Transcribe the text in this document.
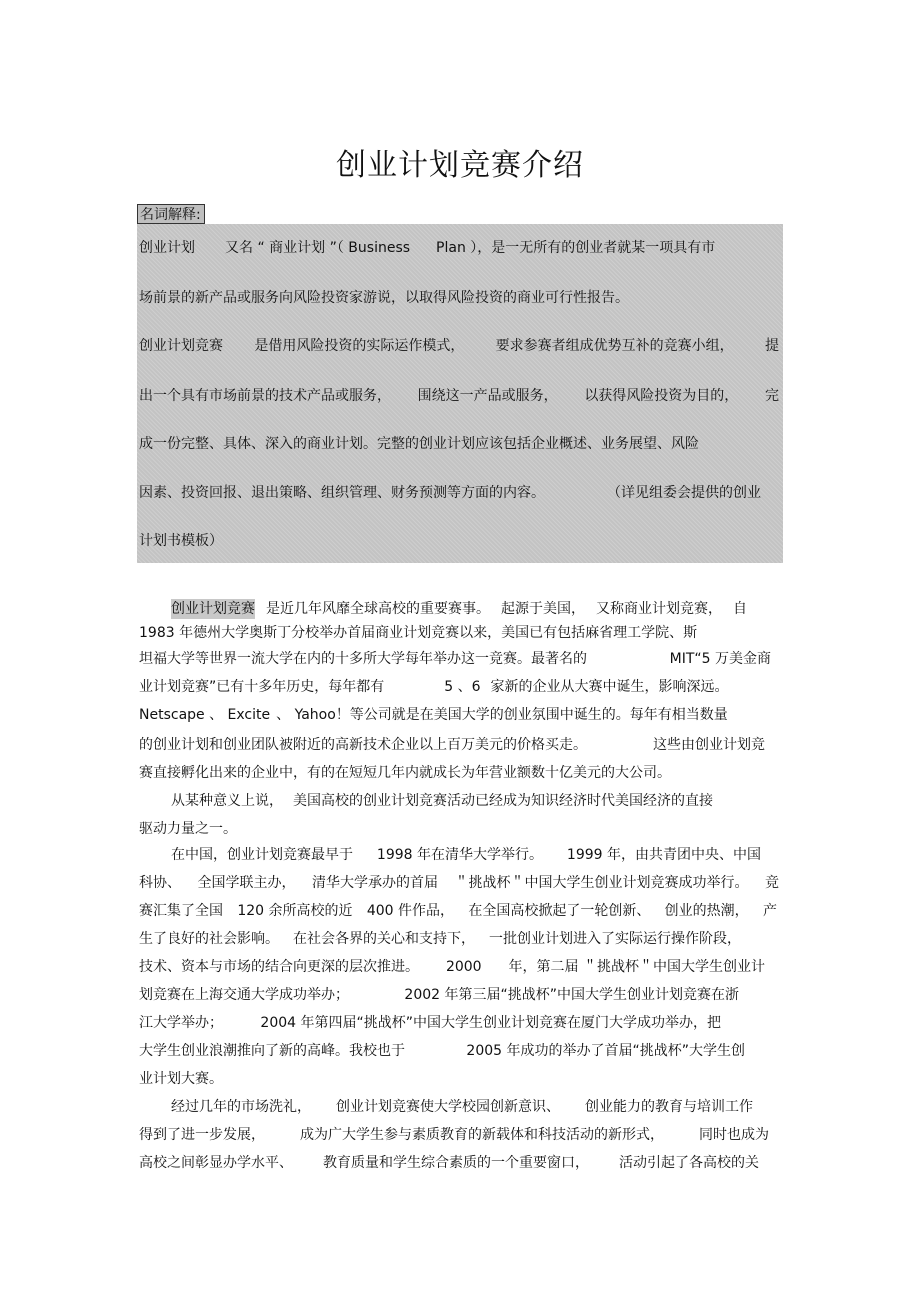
创业计划竞赛介绍
名词解释:
创业计划 又名 “ 商业计划 ”（ Business Plan ），是一无所有的创业者就某一项具有市
场前景的新产品或服务向风险投资家游说，以取得风险投资的商业可行性报告。
创业计划竞赛 是借用风险投资的实际运作模式， 要求参赛者组成优势互补的竞赛小组， 提
出一个具有市场前景的技术产品或服务， 围绕这一产品或服务， 以获得风险投资为目的， 完
成一份完整、具体、深入的商业计划。完整的创业计划应该包括企业概述、业务展望、风险
因素、投资回报、退出策略、组织管理、财务预测等方面的内容。	（详见组委会提供的创业
计划书模板）
创业计划竞赛 是近几年风靡全球高校的重要赛事。 起源于美国， 又称商业计划竞赛， 自
1983 年德州大学奥斯丁分校举办首届商业计划竞赛以来，美国已有包括麻省理工学院、斯
坦福大学等世界一流大学在内的十多所大学每年举办这一竞赛。最著名的	MIT“5 万美金商
业计划竞赛”已有十多年历史，每年都有	5 、6 家新的企业从大赛中诞生，影响深远。
Netscape 、 Excite 、 Yahoo！等公司就是在美国大学的创业氛围中诞生的。每年有相当数量
的创业计划和创业团队被附近的高新技术企业以上百万美元的价格买走。	这些由创业计划竞
赛直接孵化出来的企业中，有的在短短几年内就成长为年营业额数十亿美元的大公司。
从某种意义上说， 美国高校的创业计划竞赛活动已经成为知识经济时代美国经济的直接
驱动力量之一。
在中国，创业计划竞赛最早于 1998 年在清华大学举行。 1999 年，由共青团中央、中国
科协、 全国学联主办， 清华大学承办的首届 ＂挑战杯＂中国大学生创业计划竞赛成功举行。 竞
赛汇集了全国 120 余所高校的近 400 件作品， 在全国高校掀起了一轮创新、 创业的热潮， 产
生了良好的社会影响。 在社会各界的关心和支持下， 一批创业计划进入了实际运行操作阶段，
技术、资本与市场的结合向更深的层次推进。 2000 年，第二届 ＂挑战杯＂中国大学生创业计
划竞赛在上海交通大学成功举办；	2002 年第三届“挑战杯”中国大学生创业计划竞赛在浙
江大学举办；	2004 年第四届“挑战杯”中国大学生创业计划竞赛在厦门大学成功举办，把
大学生创业浪潮推向了新的高峰。我校也于	2005 年成功的举办了首届“挑战杯”大学生创
业计划大赛。
经过几年的市场洗礼， 创业计划竞赛使大学校园创新意识、 创业能力的教育与培训工作
得到了进一步发展，	成为广大学生参与素质教育的新载体和科技活动的新形式，	同时也成为
高校之间彰显办学水平、 教育质量和学生综合素质的一个重要窗口， 活动引起了各高校的关
